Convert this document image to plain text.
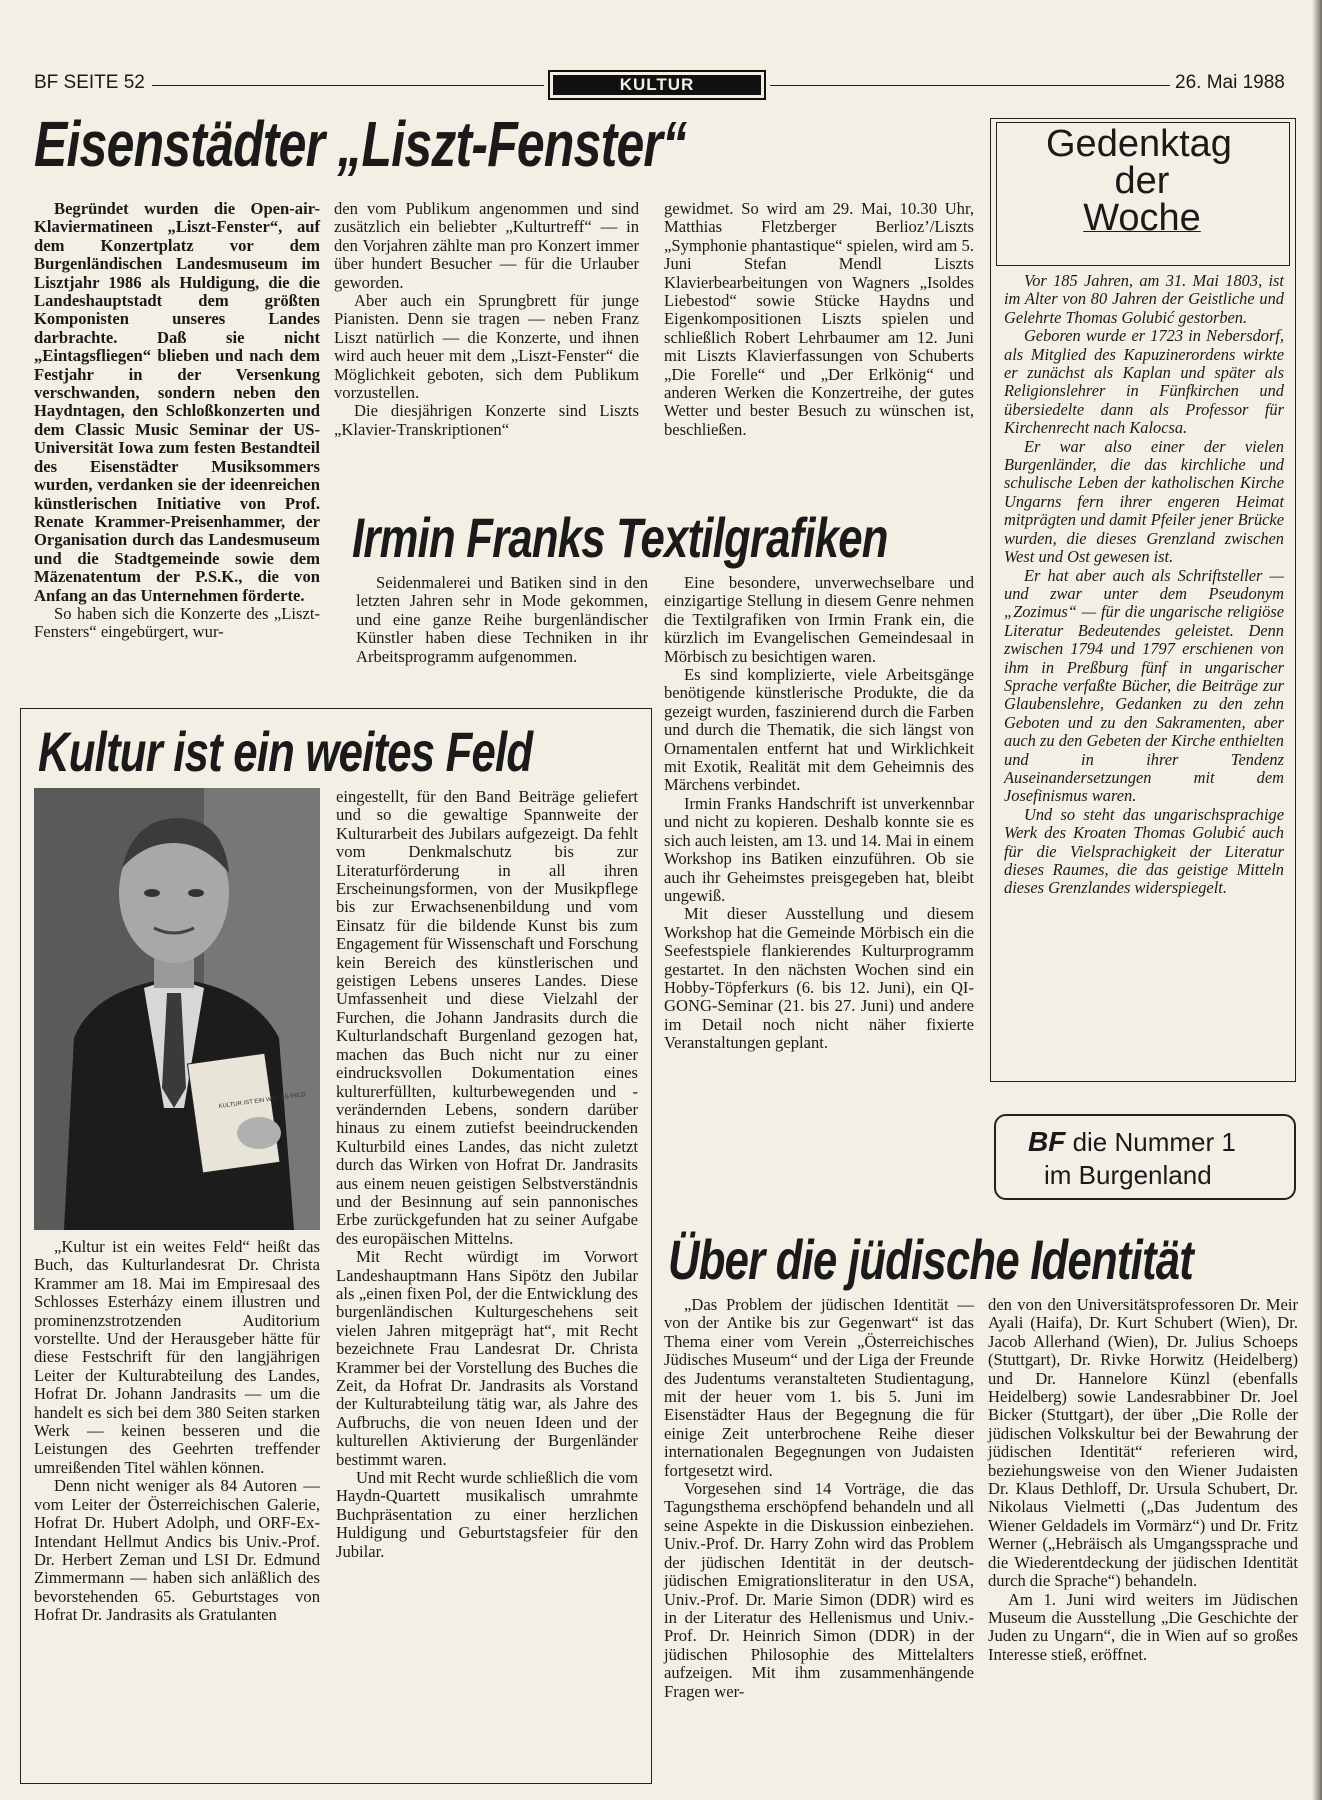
BF SEITE 52	KULTUR	26. Mai 1988
Eisenstädter „Liszt-Fenster“

Begründet wurden die Open-air-Klaviermatineen „Liszt-Fenster“, auf dem Konzertplatz vor dem Burgenländischen Landesmuseum im Lisztjahr 1986 als Huldigung, die die Landeshauptstadt dem größten Komponisten unseres Landes darbrachte. Daß sie nicht „Eintagsfliegen“ blieben und nach dem Festjahr in der Versenkung verschwanden, sondern neben den Haydntagen, den Schloßkonzerten und dem Classic Music Seminar der US-Universität Iowa zum festen Bestandteil des Eisenstädter Musiksommers wurden, verdanken sie der ideenreichen künstlerischen Initiative von Prof. Renate Krammer-Preisenhammer, der Organisation durch das Landesmuseum und die Stadtgemeinde sowie dem Mäzenatentum der P.S.K., die von Anfang an das Unternehmen förderte.

So haben sich die Konzerte des „Liszt-Fensters“ eingebürgert, wur-

den vom Publikum angenommen und sind zusätzlich ein beliebter „Kulturtreff“ — in den Vorjahren zählte man pro Konzert immer über hundert Besucher — für die Urlauber geworden.

Aber auch ein Sprungbrett für junge Pianisten. Denn sie tragen — neben Franz Liszt natürlich — die Konzerte, und ihnen wird auch heuer mit dem „Liszt-Fenster“ die Möglichkeit geboten, sich dem Publikum vorzustellen.

Die diesjährigen Konzerte sind Liszts „Klavier-Transkriptionen“

gewidmet. So wird am 29. Mai, 10.30 Uhr, Matthias Fletzberger Berlioz’/Liszts „Symphonie phantastique“ spielen, wird am 5. Juni Stefan Mendl Liszts Klavierbearbeitungen von Wagners „Isoldes Liebestod“ sowie Stücke Haydns und Eigenkompositionen Liszts spielen und schließlich Robert Lehrbaumer am 12. Juni mit Liszts Klavierfassungen von Schuberts „Die Forelle“ und „Der Erlkönig“ und anderen Werken die Konzertreihe, der gutes Wetter und bester Besuch zu wünschen ist, beschließen.

Irmin Franks Textilgrafiken

Seidenmalerei und Batiken sind in den letzten Jahren sehr in Mode gekommen, und eine ganze Reihe burgenländischer Künstler haben diese Techniken in ihr Arbeitsprogramm aufgenommen.

Eine besondere, unverwechselbare und einzigartige Stellung in diesem Genre nehmen die Textilgrafiken von Irmin Frank ein, die kürzlich im Evangelischen Gemeindesaal in Mörbisch zu besichtigen waren.

Es sind komplizierte, viele Arbeitsgänge benötigende künstlerische Produkte, die da gezeigt wurden, faszinierend durch die Farben und durch die Thematik, die sich längst von Ornamentalen entfernt hat und Wirklichkeit mit Exotik, Realität mit dem Geheimnis des Märchens verbindet.

Irmin Franks Handschrift ist unverkennbar und nicht zu kopieren. Deshalb konnte sie es sich auch leisten, am 13. und 14. Mai in einem Workshop ins Batiken einzuführen. Ob sie auch ihr Geheimstes preisgegeben hat, bleibt ungewiß.

Mit dieser Ausstellung und diesem Workshop hat die Gemeinde Mörbisch ein die Seefestspiele flankierendes Kulturprogramm gestartet. In den nächsten Wochen sind ein Hobby-Töpferkurs (6. bis 12. Juni), ein QI-GONG-Seminar (21. bis 27. Juni) und andere im Detail noch nicht näher fixierte Veranstaltungen geplant.

Kultur ist ein weites Feld
KULTUR IST EIN WEITES FELD

„Kultur ist ein weites Feld“ heißt das Buch, das Kulturlandesrat Dr. Christa Krammer am 18. Mai im Empiresaal des Schlosses Esterházy einem illustren und prominenzstrotzenden Auditorium vorstellte. Und der Herausgeber hätte für diese Festschrift für den langjährigen Leiter der Kulturabteilung des Landes, Hofrat Dr. Johann Jandrasits — um die handelt es sich bei dem 380 Seiten starken Werk — keinen besseren und die Leistungen des Geehrten treffender umreißenden Titel wählen können.

Denn nicht weniger als 84 Autoren — vom Leiter der Österreichischen Galerie, Hofrat Dr. Hubert Adolph, und ORF-Ex-Intendant Hellmut Andics bis Univ.-Prof. Dr. Herbert Zeman und LSI Dr. Edmund Zimmermann — haben sich anläßlich des bevorstehenden 65. Geburtstages von Hofrat Dr. Jandrasits als Gratulanten

eingestellt, für den Band Beiträge geliefert und so die gewaltige Spannweite der Kulturarbeit des Jubilars aufgezeigt. Da fehlt vom Denkmalschutz bis zur Literaturförderung in all ihren Erscheinungsformen, von der Musikpflege bis zur Erwachsenenbildung und vom Einsatz für die bildende Kunst bis zum Engagement für Wissenschaft und Forschung kein Bereich des künstlerischen und geistigen Lebens unseres Landes. Diese Umfassenheit und diese Vielzahl der Furchen, die Johann Jandrasits durch die Kulturlandschaft Burgenland gezogen hat, machen das Buch nicht nur zu einer eindrucksvollen Dokumentation eines kulturerfüllten, kulturbewegenden und -verändernden Lebens, sondern darüber hinaus zu einem zutiefst beeindruckenden Kulturbild eines Landes, das nicht zuletzt durch das Wirken von Hofrat Dr. Jandrasits aus einem neuen geistigen Selbstverständnis und der Besinnung auf sein pannonisches Erbe zurückgefunden hat zu seiner Aufgabe des europäischen Mittelns.

Mit Recht würdigt im Vorwort Landeshauptmann Hans Sipötz den Jubilar als „einen fixen Pol, der die Entwicklung des burgenländischen Kulturgeschehens seit vielen Jahren mitgeprägt hat“, mit Recht bezeichnete Frau Landesrat Dr. Christa Krammer bei der Vorstellung des Buches die Zeit, da Hofrat Dr. Jandrasits als Vorstand der Kulturabteilung tätig war, als Jahre des Aufbruchs, die von neuen Ideen und der kulturellen Aktivierung der Burgenländer bestimmt waren.

Und mit Recht wurde schließlich die vom Haydn-Quartett musikalisch umrahmte Buchpräsentation zu einer herzlichen Huldigung und Geburtstagsfeier für den Jubilar.

Über die jüdische Identität

„Das Problem der jüdischen Identität — von der Antike bis zur Gegenwart“ ist das Thema einer vom Verein „Österreichisches Jüdisches Museum“ und der Liga der Freunde des Judentums veranstalteten Studientagung, mit der heuer vom 1. bis 5. Juni im Eisenstädter Haus der Begegnung die für einige Zeit unterbrochene Reihe dieser internationalen Begegnungen von Judaisten fortgesetzt wird.

Vorgesehen sind 14 Vorträge, die das Tagungsthema erschöpfend behandeln und all seine Aspekte in die Diskussion einbeziehen. Univ.-Prof. Dr. Harry Zohn wird das Problem der jüdischen Identität in der deutsch-jüdischen Emigrationsliteratur in den USA, Univ.-Prof. Dr. Marie Simon (DDR) wird es in der Literatur des Hellenismus und Univ.-Prof. Dr. Heinrich Simon (DDR) in der jüdischen Philosophie des Mittelalters aufzeigen. Mit ihm zusammenhängende Fragen wer-

den von den Universitätsprofessoren Dr. Meir Ayali (Haifa), Dr. Kurt Schubert (Wien), Dr. Jacob Allerhand (Wien), Dr. Julius Schoeps (Stuttgart), Dr. Rivke Horwitz (Heidelberg) und Dr. Hannelore Künzl (ebenfalls Heidelberg) sowie Landesrabbiner Dr. Joel Bicker (Stuttgart), der über „Die Rolle der jüdischen Volkskultur bei der Bewahrung der jüdischen Identität“ referieren wird, beziehungsweise von den Wiener Judaisten Dr. Klaus Dethloff, Dr. Ursula Schubert, Dr. Nikolaus Vielmetti („Das Judentum des Wiener Geldadels im Vormärz“) und Dr. Fritz Werner („Hebräisch als Umgangssprache und die Wiederentdeckung der jüdischen Identität durch die Sprache“) behandeln.

Am 1. Juni wird weiters im Jüdischen Museum die Ausstellung „Die Geschichte der Juden zu Ungarn“, die in Wien auf so großes Interesse stieß, eröffnet.

Gedenktag
der
Woche

Vor 185 Jahren, am 31. Mai 1803, ist im Alter von 80 Jahren der Geistliche und Gelehrte Thomas Golubić gestorben.

Geboren wurde er 1723 in Nebersdorf, als Mitglied des Kapuzinerordens wirkte er zunächst als Kaplan und später als Religionslehrer in Fünfkirchen und übersiedelte dann als Professor für Kirchenrecht nach Kalocsa.

Er war also einer der vielen Burgenländer, die das kirchliche und schulische Leben der katholischen Kirche Ungarns fern ihrer engeren Heimat mitprägten und damit Pfeiler jener Brücke wurden, die dieses Grenzland zwischen West und Ost gewesen ist.

Er hat aber auch als Schriftsteller — und zwar unter dem Pseudonym „Zozimus“ — für die ungarische religiöse Literatur Bedeutendes geleistet. Denn zwischen 1794 und 1797 erschienen von ihm in Preßburg fünf in ungarischer Sprache verfaßte Bücher, die Beiträge zur Glaubenslehre, Gedanken zu den zehn Geboten und zu den Sakramenten, aber auch zu den Gebeten der Kirche enthielten und in ihrer Tendenz Auseinandersetzungen mit dem Josefinismus waren.

Und so steht das ungarischsprachige Werk des Kroaten Thomas Golubić auch für die Vielsprachigkeit der Literatur dieses Raumes, die das geistige Mitteln dieses Grenzlandes widerspiegelt.

BF die Nummer 1
im Burgenland
